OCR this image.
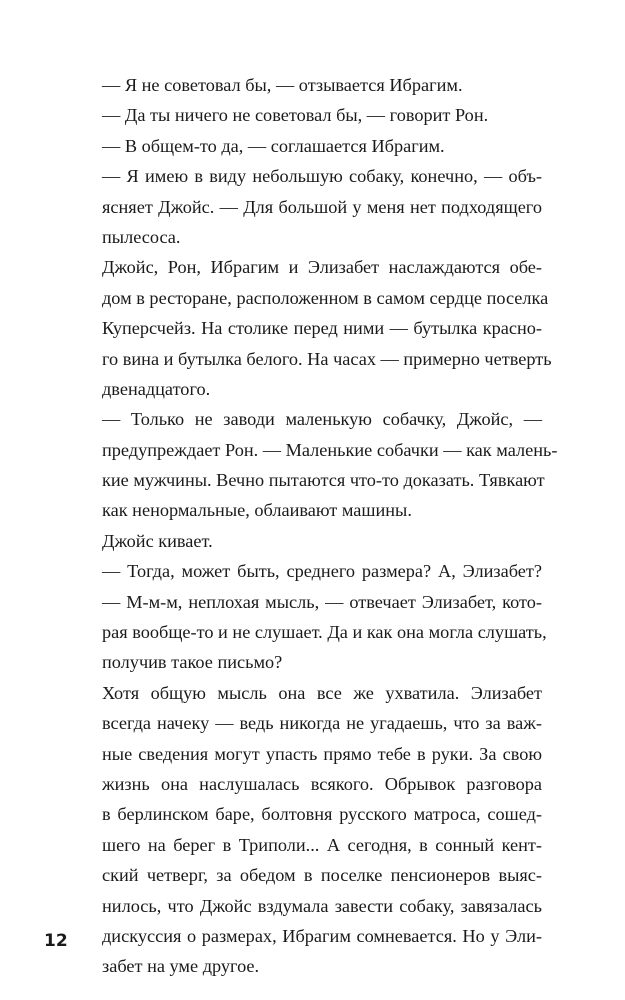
— Я не советовал бы, — отзывается Ибрагим.
— Да ты ничего не советовал бы, — говорит Рон.
— В общем-то да, — соглашается Ибрагим.
— Я имею в виду небольшую собаку, конечно, — объ-
ясняет Джойс. — Для большой у меня нет подходящего
пылесоса.
Джойс, Рон, Ибрагим и Элизабет наслаждаются обе-
дом в ресторане, расположенном в самом сердце поселка
Куперсчейз. На столике перед ними — бутылка красно-
го вина и бутылка белого. На часах — примерно четверть
двенадцатого.
— Только не заводи маленькую собачку, Джойс, —
предупреждает Рон. — Маленькие собачки — как малень-
кие мужчины. Вечно пытаются что-то доказать. Тявкают
как ненормальные, облаивают машины.
Джойс кивает.
— Тогда, может быть, среднего размера? А, Элизабет?
— М-м-м, неплохая мысль, — отвечает Элизабет, кото-
рая вообще-то и не слушает. Да и как она могла слушать,
получив такое письмо?
Хотя общую мысль она все же ухватила. Элизабет
всегда начеку — ведь никогда не угадаешь, что за важ-
ные сведения могут упасть прямо тебе в руки. За свою
жизнь она наслушалась всякого. Обрывок разговора
в берлинском баре, болтовня русского матроса, сошед-
шего на берег в Триполи... А сегодня, в сонный кент-
ский четверг, за обедом в поселке пенсионеров выяс-
нилось, что Джойс вздумала завести собаку, завязалась
дискуссия о размерах, Ибрагим сомневается. Но у Эли-
забет на уме другое.
12
